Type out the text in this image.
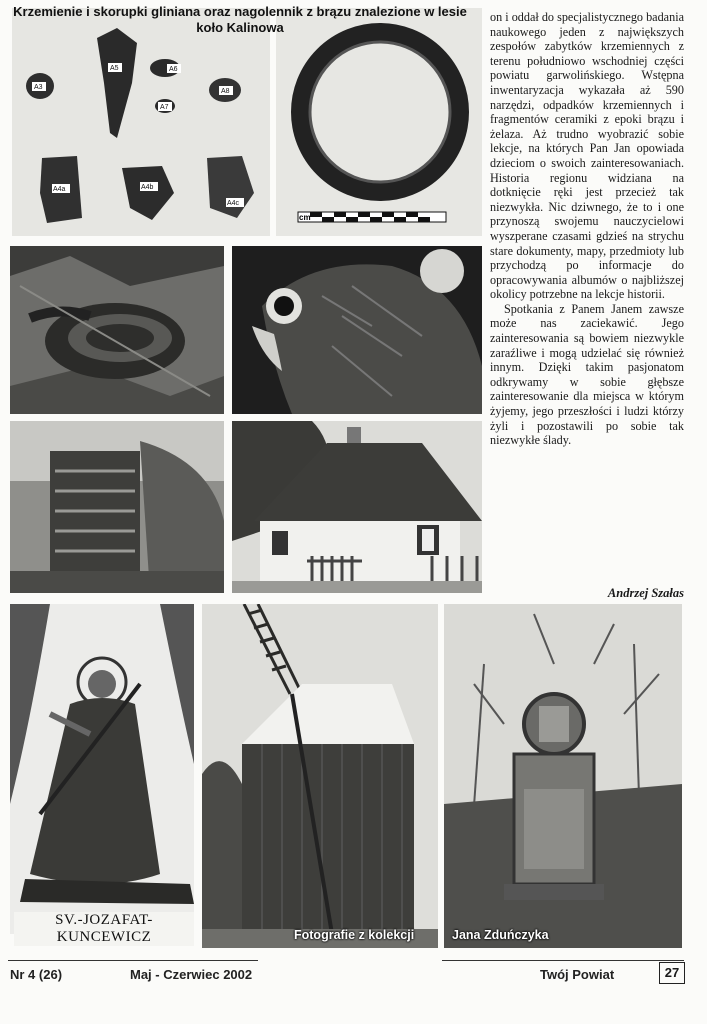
Krzemienie i skorupki gliniana oraz nagolennik z brązu znalezione w lesie koło Kalinowa
A5
A3
A6
A8
A7
A4a	A4b
A4c
cm

on i oddał do specjalistycznego badania naukowego jeden z największych zespołów zabytków krzemiennych z terenu południowo wschodniej części powiatu garwolińskiego. Wstępna inwentaryzacja wykazała aż 590 narzędzi, odpadków krzemiennych i fragmentów ceramiki z epoki brązu i żelaza. Aż trudno wyobrazić sobie lekcje, na których Pan Jan opowiada dzieciom o swoich zainteresowaniach. Historia regionu widziana na dotknięcie ręki jest przecież tak niezwykła. Nic dziwnego, że to i one przynoszą swojemu nauczycielowi wyszperane czasami gdzieś na strychu stare dokumenty, mapy, przedmioty lub przychodzą po informacje do opracowywania albumów o najbliższej okolicy potrzebne na lekcje historii.

Spotkania z Panem Janem zawsze może nas zaciekawić. Jego zainteresowania są bowiem niezwykle zaraźliwe i mogą udzielać się również innym. Dzięki takim pasjonatom odkrywamy w sobie głębsze zainteresowanie dla miejsca w którym żyjemy, jego przeszłości i ludzi którzy żyli i pozostawili po sobie tak niezwykłe ślady.

Andrzej Szałas
SV.-JOZAFAT-KUNCEWICZ	Fotografie z kolekcji	Jana Zduńczyka
Nr 4 (26)	Maj - Czerwiec 2002	Twój Powiat	27
